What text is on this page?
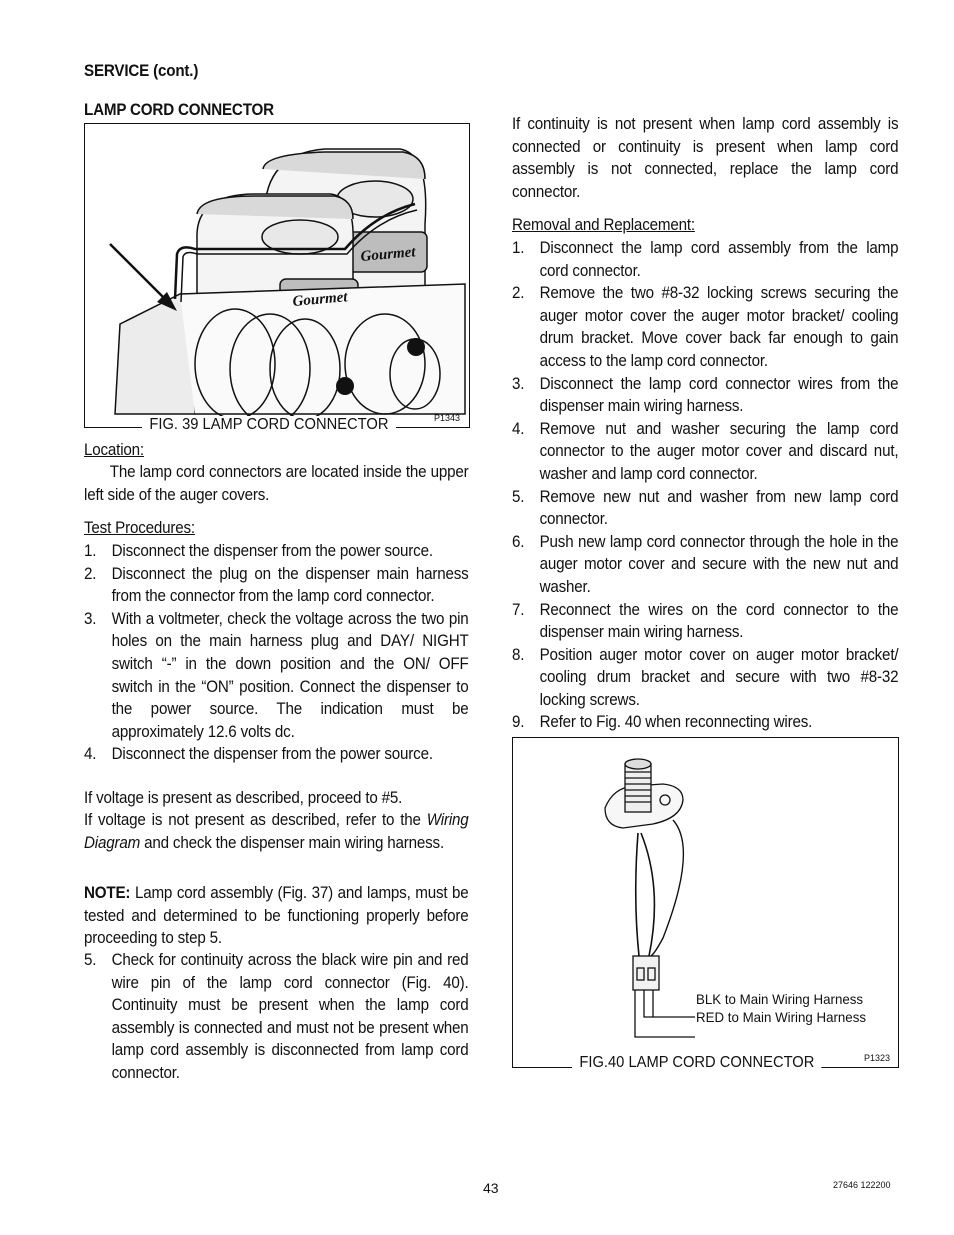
SERVICE (cont.)
LAMP CORD CONNECTOR
Gourmet
Gourmet
FIG. 39 LAMP CORD CONNECTOR	P1343
Location:
The lamp cord connectors are located inside the upper left side of the auger covers.
Test Procedures:
1. Disconnect the dispenser from the power source.
2. Disconnect the plug on the dispenser main harness from the connector from the lamp cord connector.
3. With a voltmeter, check the voltage across the two pin holes on the main harness plug and DAY/ NIGHT switch “-” in the down position and the ON/ OFF switch in the “ON” position. Connect the dispenser to the power source. The indication must be approximately 12.6 volts dc.
4. Disconnect the dispenser from the power source.
If voltage is present as described, proceed to #5.
If voltage is not present as described, refer to the Wiring Diagram and check the dispenser main wiring harness.
NOTE: Lamp cord assembly (Fig. 37) and lamps, must be tested and determined to be functioning properly before proceeding to step 5.
5. Check for continuity across the black wire pin and red wire pin of the lamp cord connector (Fig. 40). Continuity must be present when the lamp cord assembly is connected and must not be present when lamp cord assembly is disconnected from lamp cord connector.
If continuity is not present when lamp cord assembly is connected or continuity is present when lamp cord assembly is not connected, replace the lamp cord connector.
Removal and Replacement:
1. Disconnect the lamp cord assembly from the lamp cord connector.
2. Remove the two #8-32 locking screws securing the auger motor cover the auger motor bracket/ cooling drum bracket. Move cover back far enough to gain access to the lamp cord connector.
3. Disconnect the lamp cord connector wires from the dispenser main wiring harness.
4. Remove nut and washer securing the lamp cord connector to the auger motor cover and discard nut, washer and lamp cord connector.
5. Remove new nut and washer from new lamp cord connector.
6. Push new lamp cord connector through the hole in the auger motor cover and secure with the new nut and washer.
7. Reconnect the wires on the cord connector to the dispenser main wiring harness.
8. Position auger motor cover on auger motor bracket/ cooling drum bracket and secure with two #8-32 locking screws.
9. Refer to Fig. 40 when reconnecting wires.
BLK to Main Wiring Harness
RED to Main Wiring Harness
FIG.40 LAMP CORD CONNECTOR	P1323
43	27646 122200
